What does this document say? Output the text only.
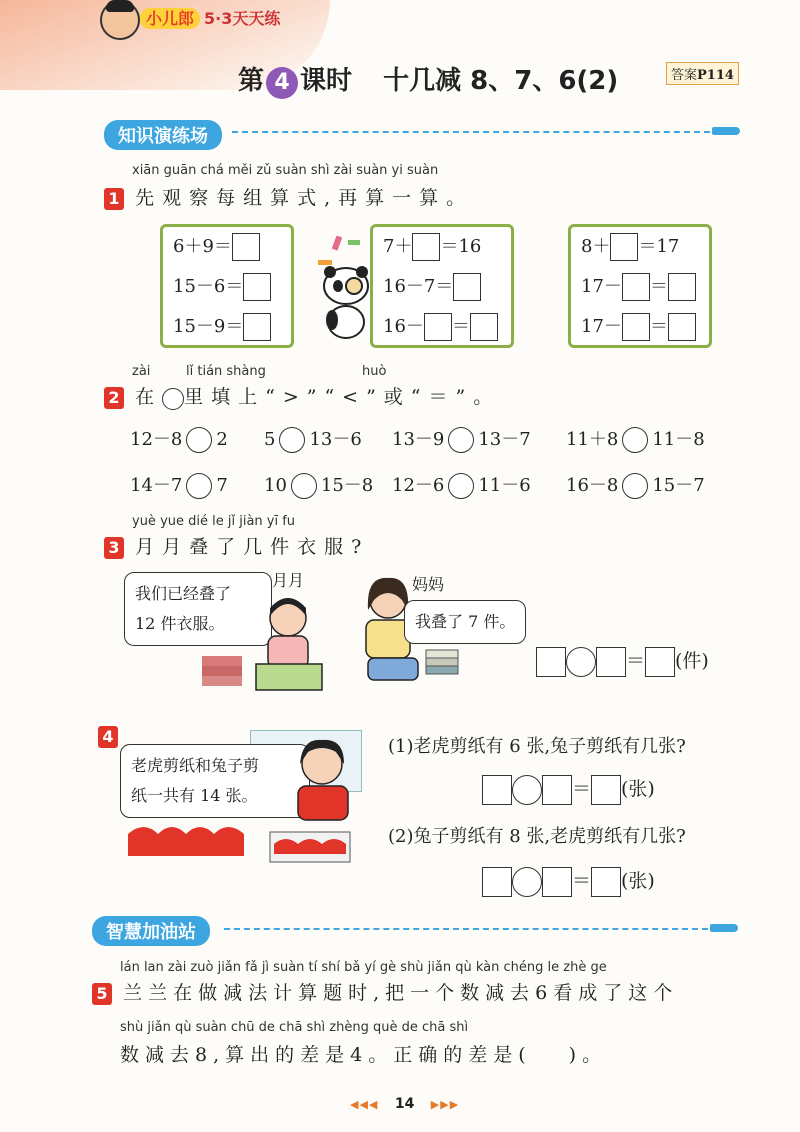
小儿郎 5·3天天练
第 4 课时 十几减 8、7、6(2)	答案P114
知识演练场
xiān guān chá měi zǔ suàn shì zài suàn yi suàn
1 先观察每组算式,再算一算。
6＋9＝
15－6＝
15－9＝
7＋ ＝16
16－7＝
16－ ＝
8＋ ＝17
17－ ＝
17－ ＝
zài	lǐ tián shàng	huò
2 在 里填上“>”“<”或“＝”。
12－8 2	5 13－6	13－9 13－7	11＋8 11－8
14－7 7	10 15－8	12－6 11－6	16－8 15－7
yuè yue dié le jǐ jiàn yī fu
3 月月叠了几件衣服?
我们已经叠了
12 件衣服。
月月	妈妈
我叠了 7 件。
＝ (件)
4
老虎剪纸和兔子剪
纸一共有 14 张。
(1)老虎剪纸有 6 张,兔子剪纸有几张?
＝ (张)
(2)兔子剪纸有 8 张,老虎剪纸有几张?
＝ (张)
智慧加油站
lán lan zài zuò jiǎn fǎ jì suàn tí shí bǎ yí gè shù jiǎn qù kàn chéng le zhè ge
5 兰兰在做减法计算题时,把一个数减去6看成了这个
shù jiǎn qù suàn chū de chā shì zhèng què de chā shì
数减去8,算出的差是4。正确的差是(　 )。
◀◀◀ 14 ▶▶▶
